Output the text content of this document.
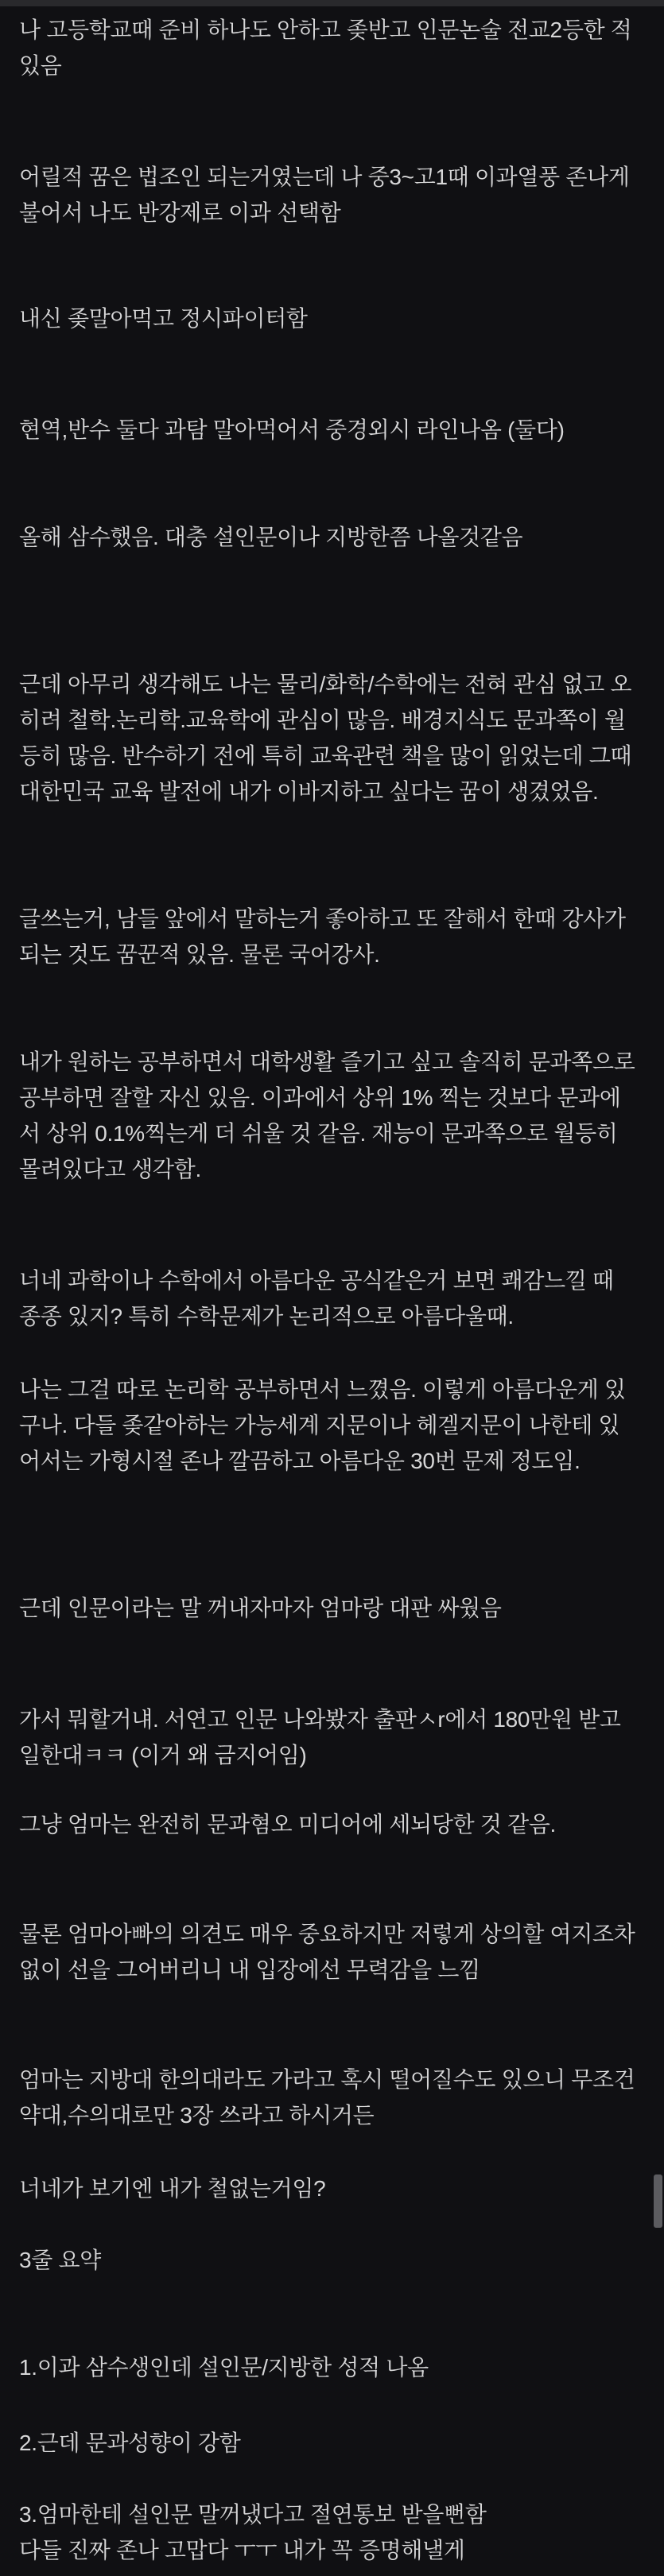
나 고등학교때 준비 하나도 안하고 좆반고 인문논술 전교2등한 적 있음

어릴적 꿈은 법조인 되는거였는데 나 중3~고1때 이과열풍 존나게 불어서 나도 반강제로 이과 선택함

내신 좆말아먹고 정시파이터함

현역,반수 둘다 과탐 말아먹어서 중경외시 라인나옴 (둘다)

올해 삼수했음. 대충 설인문이나 지방한쯤 나올것같음

근데 아무리 생각해도 나는 물리/화학/수학에는 전혀 관심 없고 오히려 철학.논리학.교육학에 관심이 많음. 배경지식도 문과쪽이 월등히 많음. 반수하기 전에 특히 교육관련 책을 많이 읽었는데 그때 대한민국 교육 발전에 내가 이바지하고 싶다는 꿈이 생겼었음.

글쓰는거, 남들 앞에서 말하는거 좋아하고 또 잘해서 한때 강사가 되는 것도 꿈꾼적 있음. 물론 국어강사.

내가 원하는 공부하면서 대학생활 즐기고 싶고 솔직히 문과쪽으로 공부하면 잘할 자신 있음. 이과에서 상위 1% 찍는 것보다 문과에서 상위 0.1%찍는게 더 쉬울 것 같음. 재능이 문과쪽으로 월등히 몰려있다고 생각함.

너네 과학이나 수학에서 아름다운 공식같은거 보면 쾌감느낄 때 종종 있지? 특히 수학문제가 논리적으로 아름다울때.

나는 그걸 따로 논리학 공부하면서 느꼈음. 이렇게 아름다운게 있구나. 다들 좆같아하는 가능세계 지문이나 헤겔지문이 나한테 있어서는 가형시절 존나 깔끔하고 아름다운 30번 문제 정도임.

근데 인문이라는 말 꺼내자마자 엄마랑 대판 싸웠음

가서 뭐할거냬. 서연고 인문 나와봤자 출판ㅅr에서 180만원 받고 일한대ㅋㅋ (이거 왜 금지어임)

그냥 엄마는 완전히 문과혐오 미디어에 세뇌당한 것 같음.

물론 엄마아빠의 의견도 매우 중요하지만 저렇게 상의할 여지조차 없이 선을 그어버리니 내 입장에선 무력감을 느낌

엄마는 지방대 한의대라도 가라고 혹시 떨어질수도 있으니 무조건 약대,수의대로만 3장 쓰라고 하시거든

너네가 보기엔 내가 철없는거임?

3줄 요약

1.이과 삼수생인데 설인문/지방한 성적 나옴

2.근데 문과성향이 강함

3.엄마한테 설인문 말꺼냈다고 절연통보 받을뻔함

다들 진짜 존나 고맙다 ㅜㅜ 내가 꼭 증명해낼게
